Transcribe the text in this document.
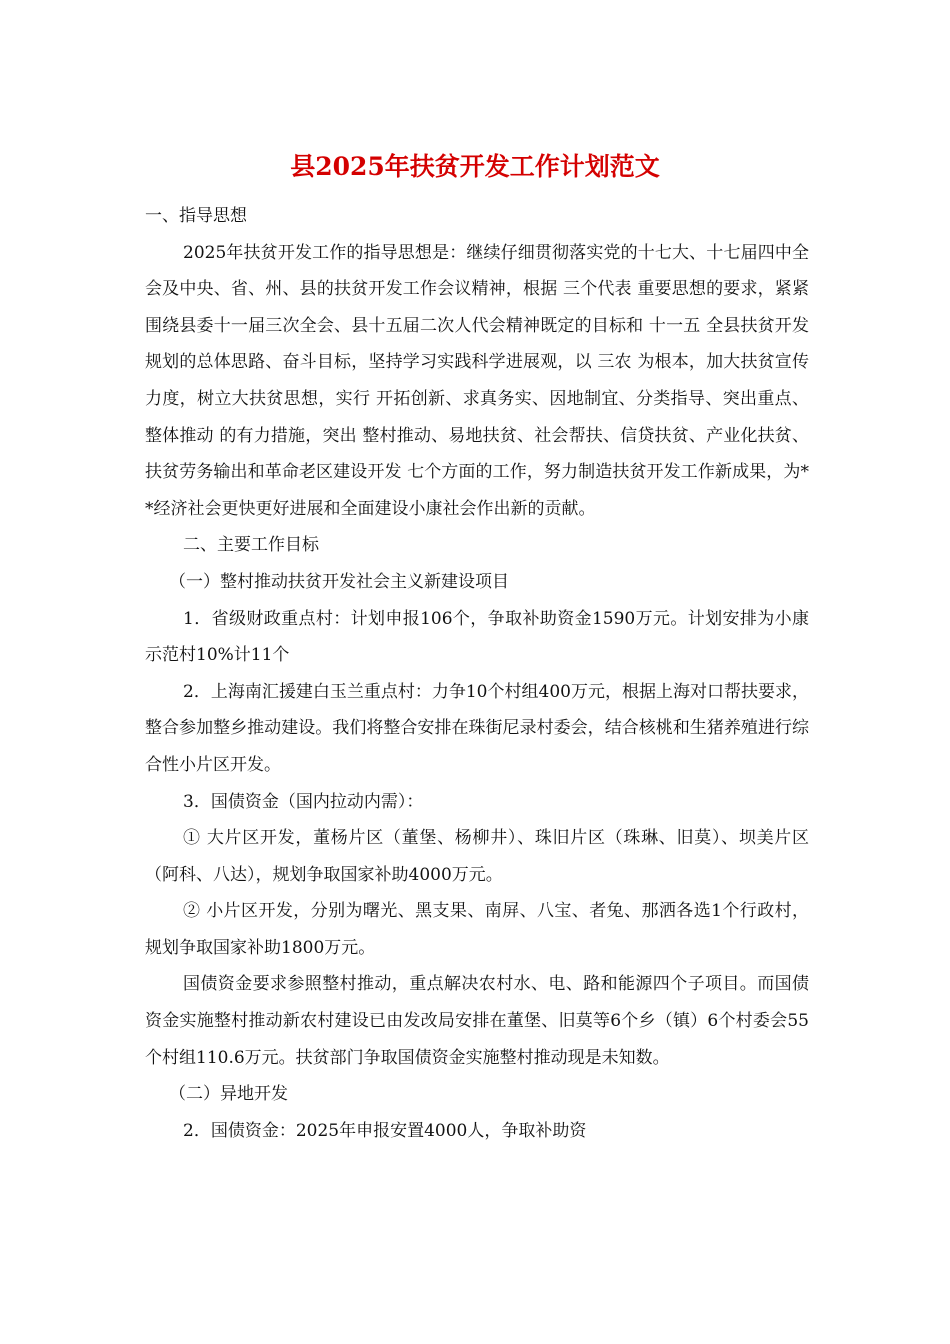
县2025年扶贫开发工作计划范文

一、指导思想

2025年扶贫开发工作的指导思想是：继续仔细贯彻落实党的十七大、十七届四中全会及中央、省、州、县的扶贫开发工作会议精神，根据 三个代表 重要思想的要求，紧紧围绕县委十一届三次全会、县十五届二次人代会精神既定的目标和 十一五 全县扶贫开发规划的总体思路、奋斗目标，坚持学习实践科学进展观，以 三农 为根本，加大扶贫宣传力度，树立大扶贫思想，实行 开拓创新、求真务实、因地制宜、分类指导、突出重点、整体推动 的有力措施，突出 整村推动、易地扶贫、社会帮扶、信贷扶贫、产业化扶贫、扶贫劳务输出和革命老区建设开发 七个方面的工作，努力制造扶贫开发工作新成果，为**经济社会更快更好进展和全面建设小康社会作出新的贡献。

二、主要工作目标

（一）整村推动扶贫开发社会主义新建设项目

1．省级财政重点村：计划申报106个，争取补助资金1590万元。计划安排为小康示范村10%计11个

2．上海南汇援建白玉兰重点村：力争10个村组400万元，根据上海对口帮扶要求，整合参加整乡推动建设。我们将整合安排在珠街尼录村委会，结合核桃和生猪养殖进行综合性小片区开发。

3．国债资金（国内拉动内需）：

① 大片区开发，董杨片区（董堡、杨柳井）、珠旧片区（珠琳、旧莫）、坝美片区（阿科、八达），规划争取国家补助4000万元。

② 小片区开发，分别为曙光、黑支果、南屏、八宝、者兔、那洒各选1个行政村，规划争取国家补助1800万元。

国债资金要求参照整村推动，重点解决农村水、电、路和能源四个子项目。而国债资金实施整村推动新农村建设已由发改局安排在董堡、旧莫等6个乡（镇）6个村委会55个村组110.6万元。扶贫部门争取国债资金实施整村推动现是未知数。

（二）异地开发

2．国债资金：2025年申报安置4000人，争取补助资
